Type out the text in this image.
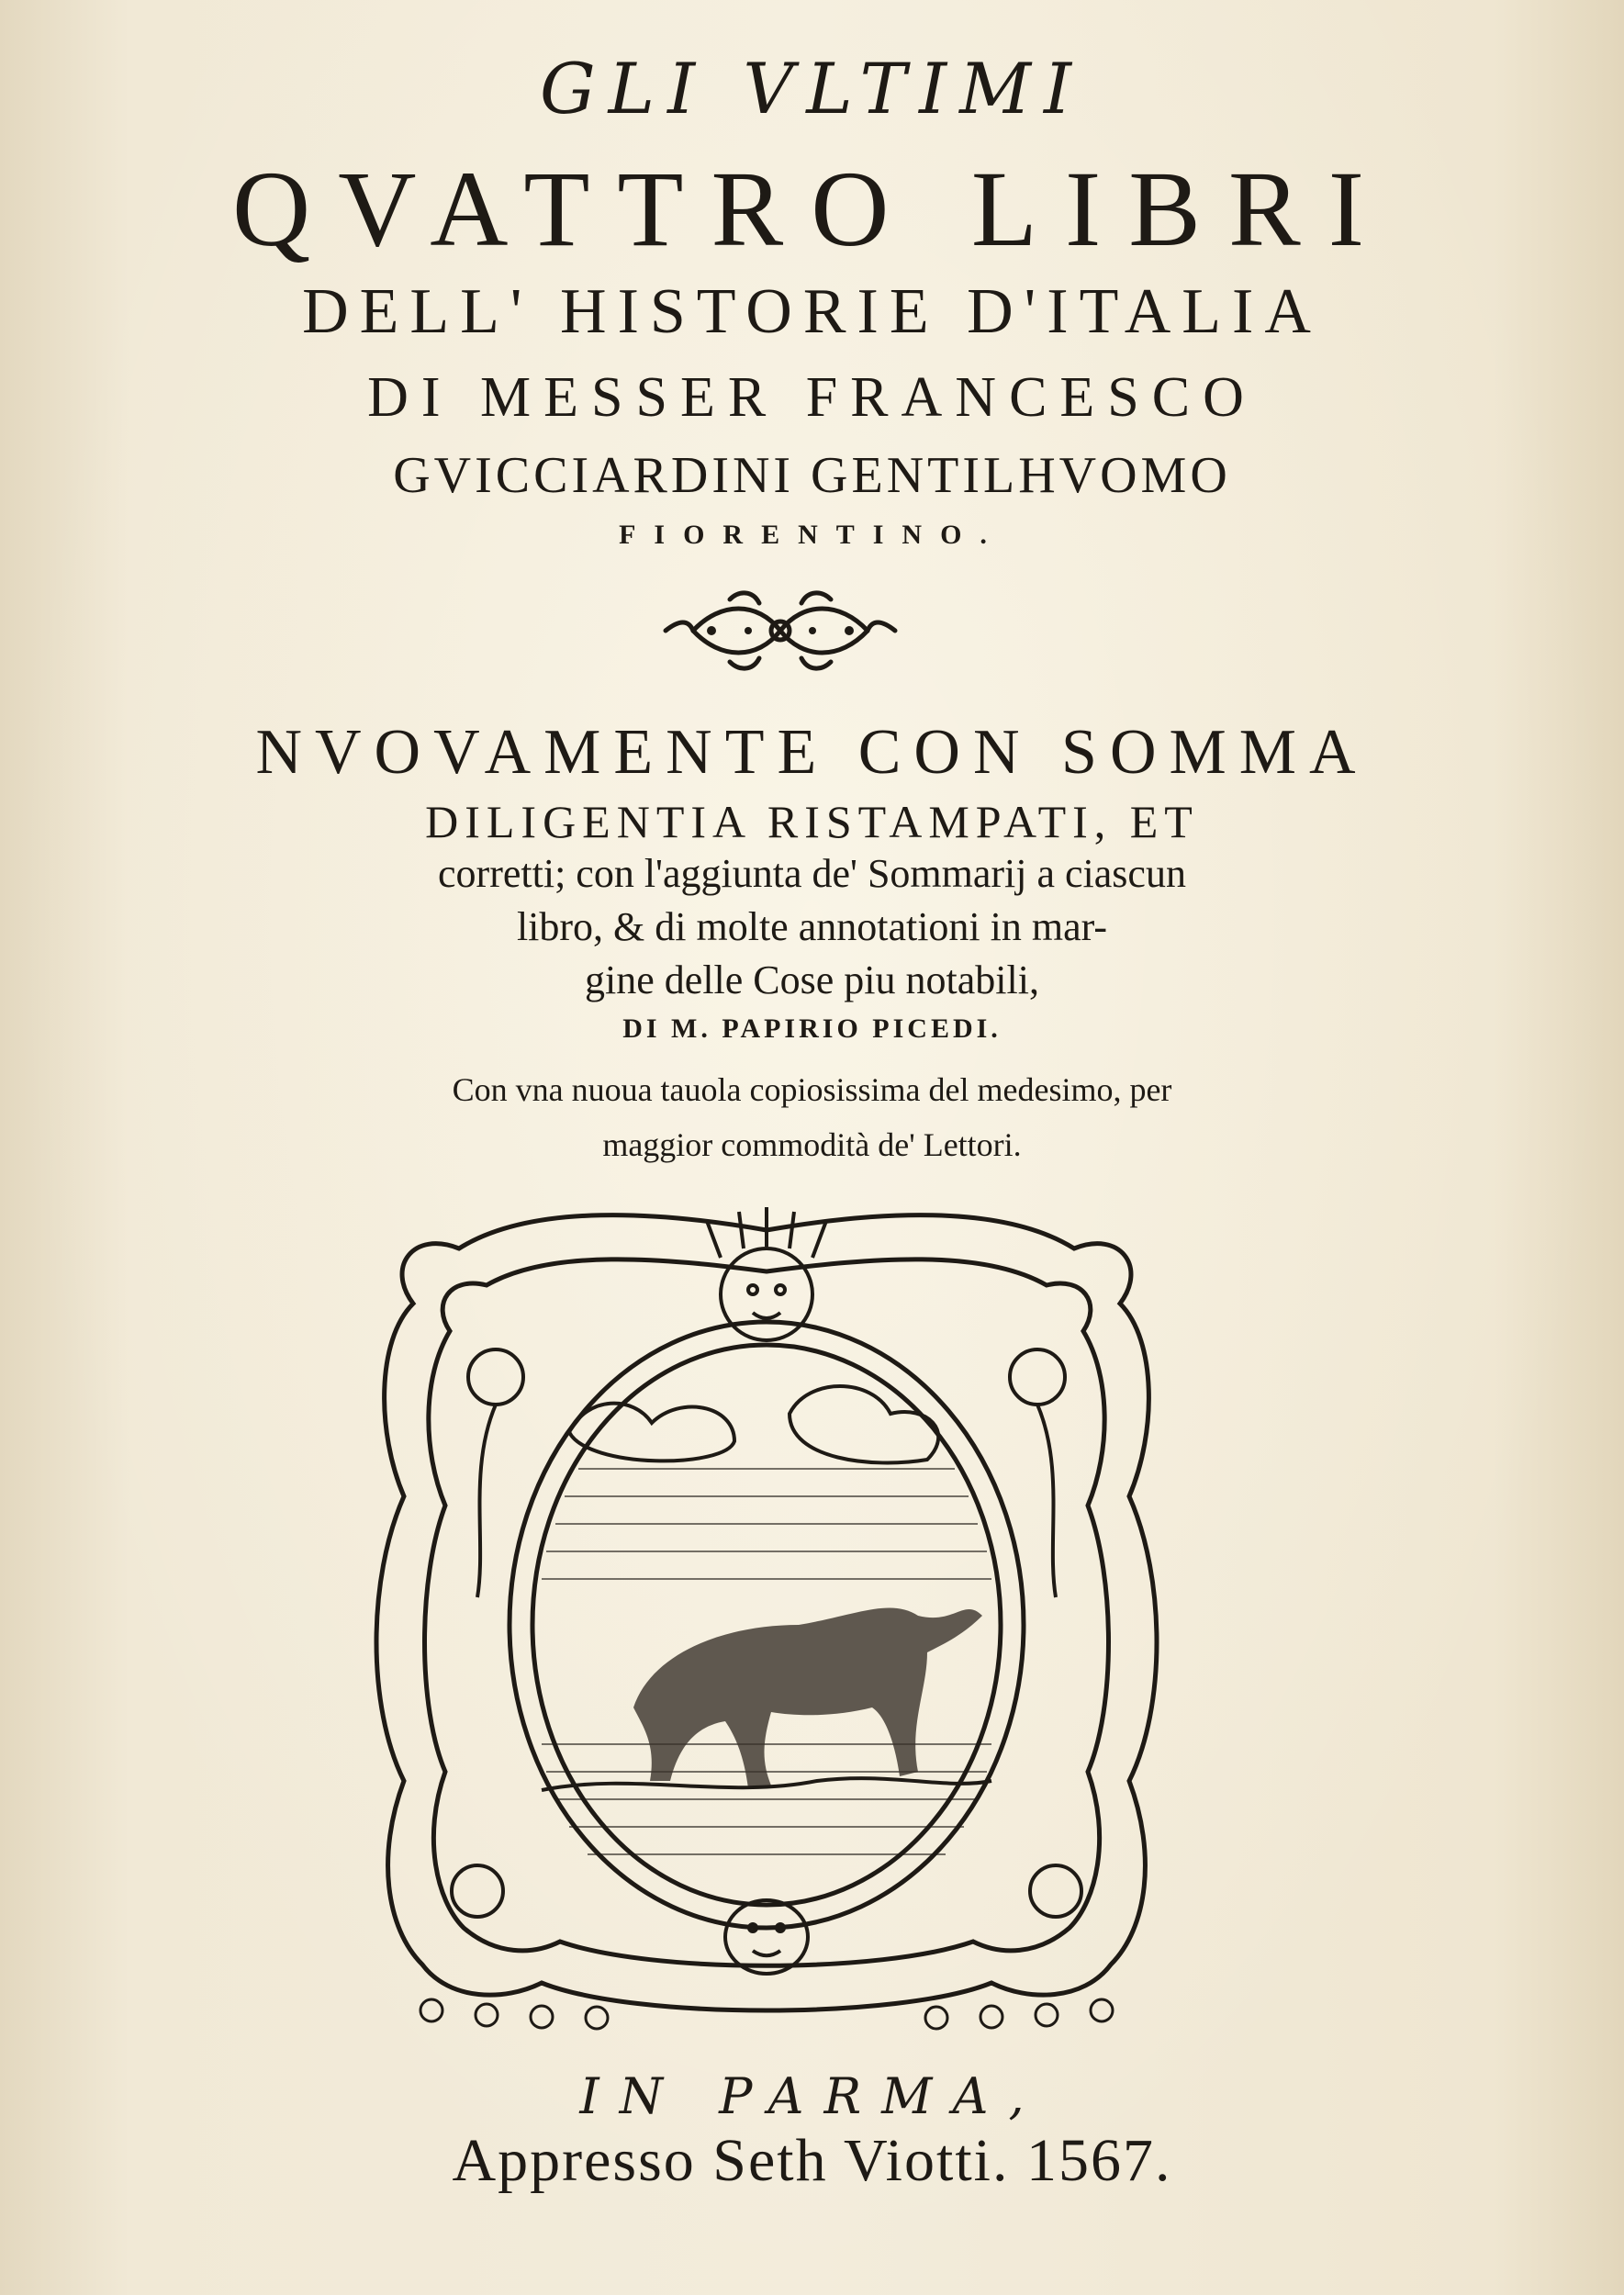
GLI VLTIMI
QVATTRO LIBRI
DELL' HISTORIE D'ITALIA
DI MESSER FRANCESCO
GVICCIARDINI GENTILHVOMO
FIORENTINO.
NVOVAMENTE CON SOMMA
DILIGENTIA RISTAMPATI, ET
corretti; con l'aggiunta de' Sommarij a ciascun
libro, & di molte annotationi in mar-
gine delle Cose piu notabili,
DI M. PAPIRIO PICEDI.
Con vna nuoua tauola copiosissima del medesimo, per
maggior commodità de' Lettori.
IN PARMA,
Appresso Seth Viotti. 1567.
